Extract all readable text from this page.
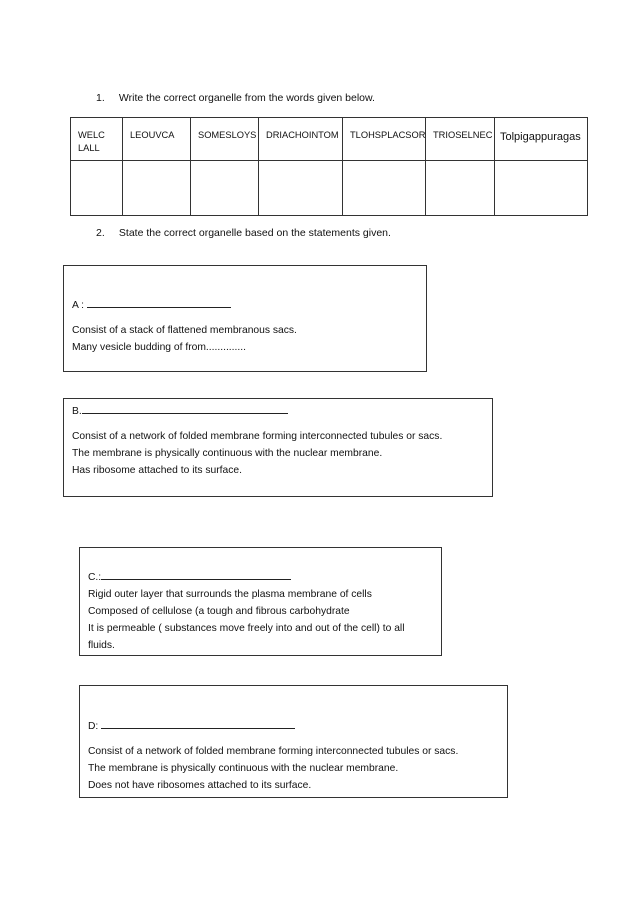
1. Write the correct organelle from the words given below.
WELC LALL	LEOUVCA	SOMESLOYS	DRIACHOINTOM	TLOHSPLACSOR	TRIOSELNEC	Tolpigappuragas

2. State the correct organelle based on the statements given.
A :
Consist of a stack of flattened membranous sacs.
Many vesicle budding of from..............
B.
Consist of a network of folded membrane forming interconnected tubules or sacs.
The membrane is physically continuous with the nuclear membrane.
Has ribosome attached to its surface.
C.:
Rigid outer layer that surrounds the plasma membrane of cells
Composed of cellulose (a tough and fibrous carbohydrate
It is permeable ( substances move freely into and out of the cell) to all
fluids.
D:
Consist of a network of folded membrane forming interconnected tubules or sacs.
The membrane is physically continuous with the nuclear membrane.
Does not have ribosomes attached to its surface.
